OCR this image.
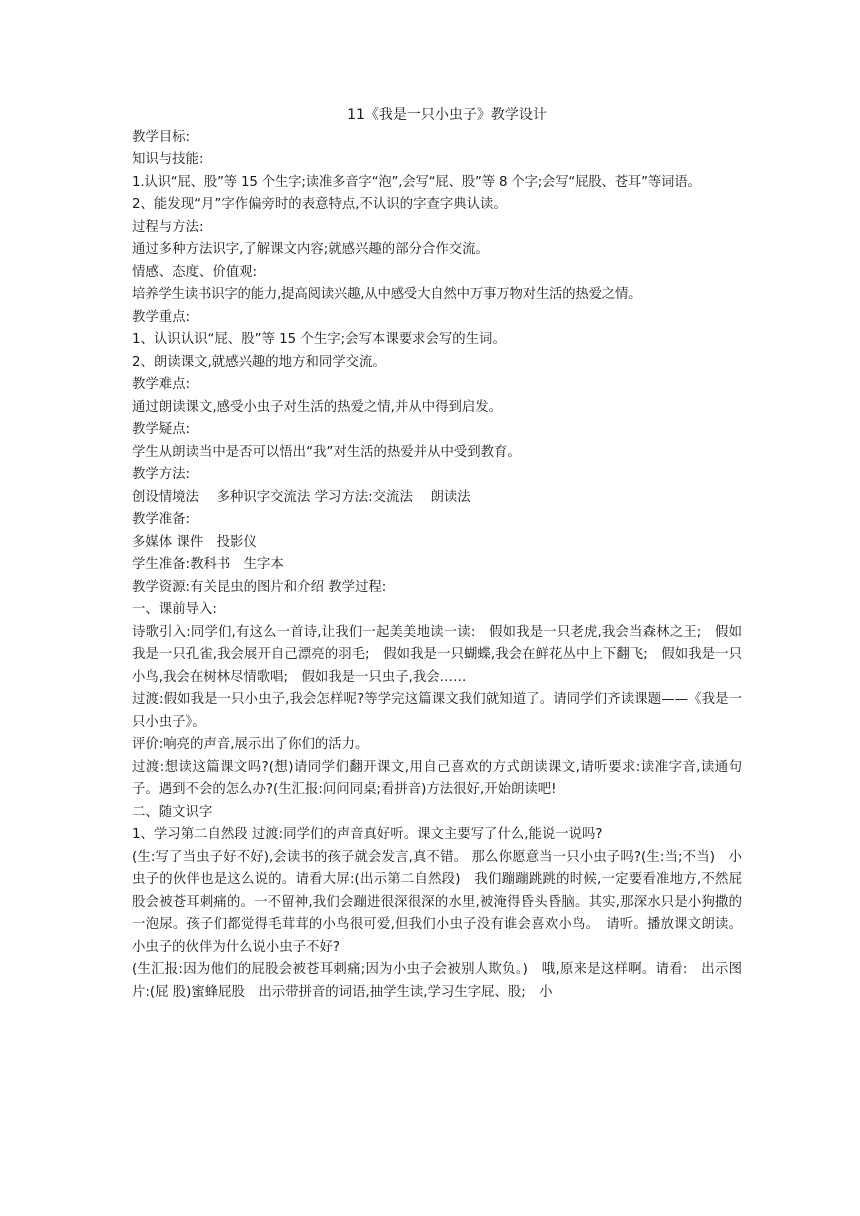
11《我是一只小虫子》教学设计

教学目标:

知识与技能:

1.认识“屁、股”等 15 个生字;读准多音字“泡”,会写“屁、股”等 8 个字;会写“屁股、苍耳”等词语。

2、能发现“月”字作偏旁时的表意特点,不认识的字查字典认读。

过程与方法:

通过多种方法识字,了解课文内容;就感兴趣的部分合作交流。

情感、态度、价值观:

培养学生读书识字的能力,提高阅读兴趣,从中感受大自然中万事万物对生活的热爱之情。

教学重点:

1、认识认识“屁、股”等 15 个生字;会写本课要求会写的生词。

2、朗读课文,就感兴趣的地方和同学交流。

教学难点:

通过朗读课文,感受小虫子对生活的热爱之情,并从中得到启发。

教学疑点:

学生从朗读当中是否可以悟出“我”对生活的热爱并从中受到教育。

教学方法:

创设情境法　 多种识字交流法 学习方法:交流法　 朗读法

教学准备:

多媒体 课件　投影仪

学生准备:教科书　生字本

教学资源:有关昆虫的图片和介绍 教学过程:

一、课前导入:

诗歌引入:同学们,有这么一首诗,让我们一起美美地读一读:　假如我是一只老虎,我会当森林之王;　假如我是一只孔雀,我会展开自己漂亮的羽毛;　假如我是一只蝴蝶,我会在鲜花丛中上下翻飞;　假如我是一只小鸟,我会在树林尽情歌唱;　假如我是一只虫子,我会……

过渡:假如我是一只小虫子,我会怎样呢?等学完这篇课文我们就知道了。请同学们齐读课题——《我是一只小虫子》。

评价:响亮的声音,展示出了你们的活力。

过渡:想读这篇课文吗?(想)请同学们翻开课文,用自己喜欢的方式朗读课文,请听要求:读准字音,读通句子。遇到不会的怎么办?(生汇报:问问同桌;看拼音)方法很好,开始朗读吧!

二、随文识字

1、学习第二自然段 过渡:同学们的声音真好听。课文主要写了什么,能说一说吗?

(生:写了当虫子好不好),会读书的孩子就会发言,真不错。 那么你愿意当一只小虫子吗?(生:当;不当)　小虫子的伙伴也是这么说的。请看大屏:(出示第二自然段)　我们蹦蹦跳跳的时候,一定要看准地方,不然屁股会被苍耳刺痛的。一不留神,我们会蹦进很深很深的水里,被淹得昏头昏脑。其实,那深水只是小狗撒的一泡尿。孩子们都觉得毛茸茸的小鸟很可爱,但我们小虫子没有谁会喜欢小鸟。　请听。播放课文朗读。小虫子的伙伴为什么说小虫子不好?

(生汇报:因为他们的屁股会被苍耳刺痛;因为小虫子会被别人欺负。)　哦,原来是这样啊。请看:　出示图片:(屁 股)蜜蜂屁股　出示带拼音的词语,抽学生读,学习生字屁、股;　小
